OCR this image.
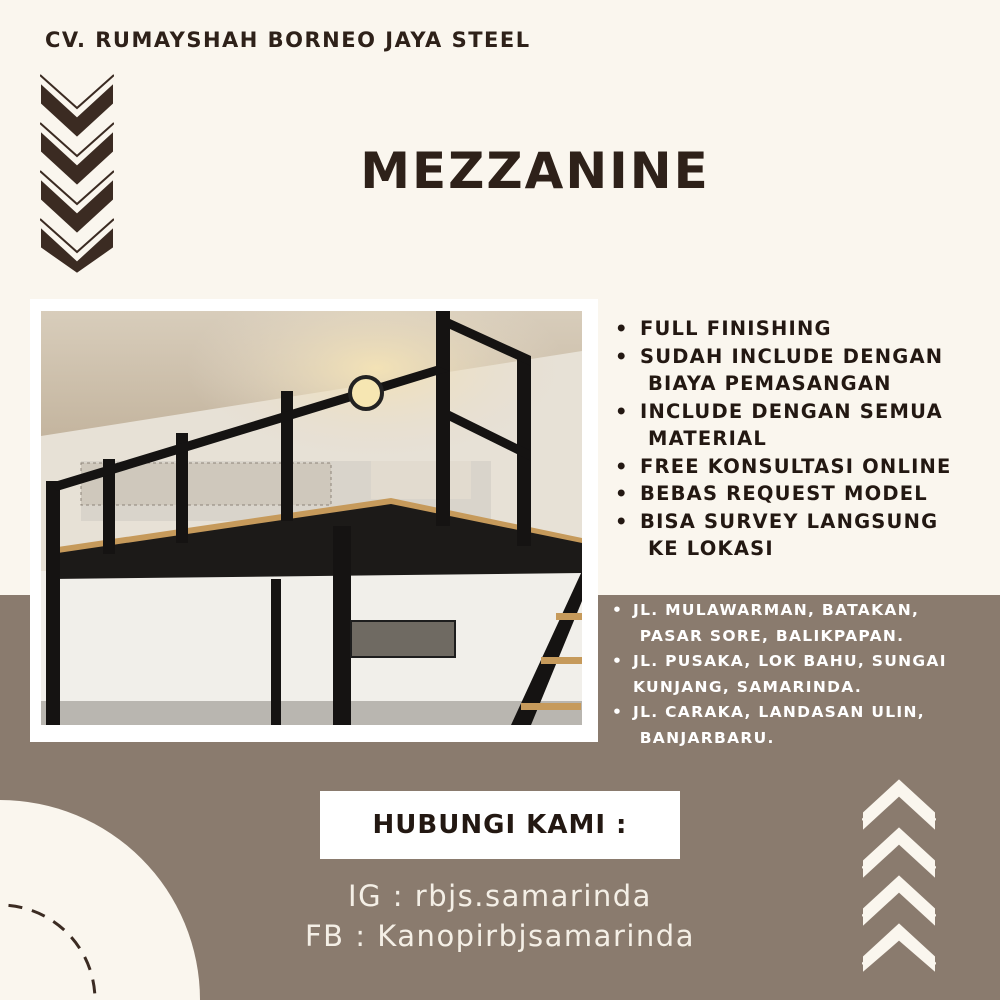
CV. RUMAYSHAH BORNEO JAYA STEEL
MEZZANINE
• FULL FINISHING
• SUDAH INCLUDE DENGAN
BIAYA PEMASANGAN
• INCLUDE DENGAN SEMUA
MATERIAL
• FREE KONSULTASI ONLINE
• BEBAS REQUEST MODEL
• BISA SURVEY LANGSUNG
KE LOKASI
• JL. MULAWARMAN, BATAKAN,
PASAR SORE, BALIKPAPAN.
• JL. PUSAKA, LOK BAHU, SUNGAI
KUNJANG, SAMARINDA.
• JL. CARAKA, LANDASAN ULIN,
BANJARBARU.
HUBUNGI KAMI :
IG : rbjs.samarinda
FB : Kanopirbjsamarinda
